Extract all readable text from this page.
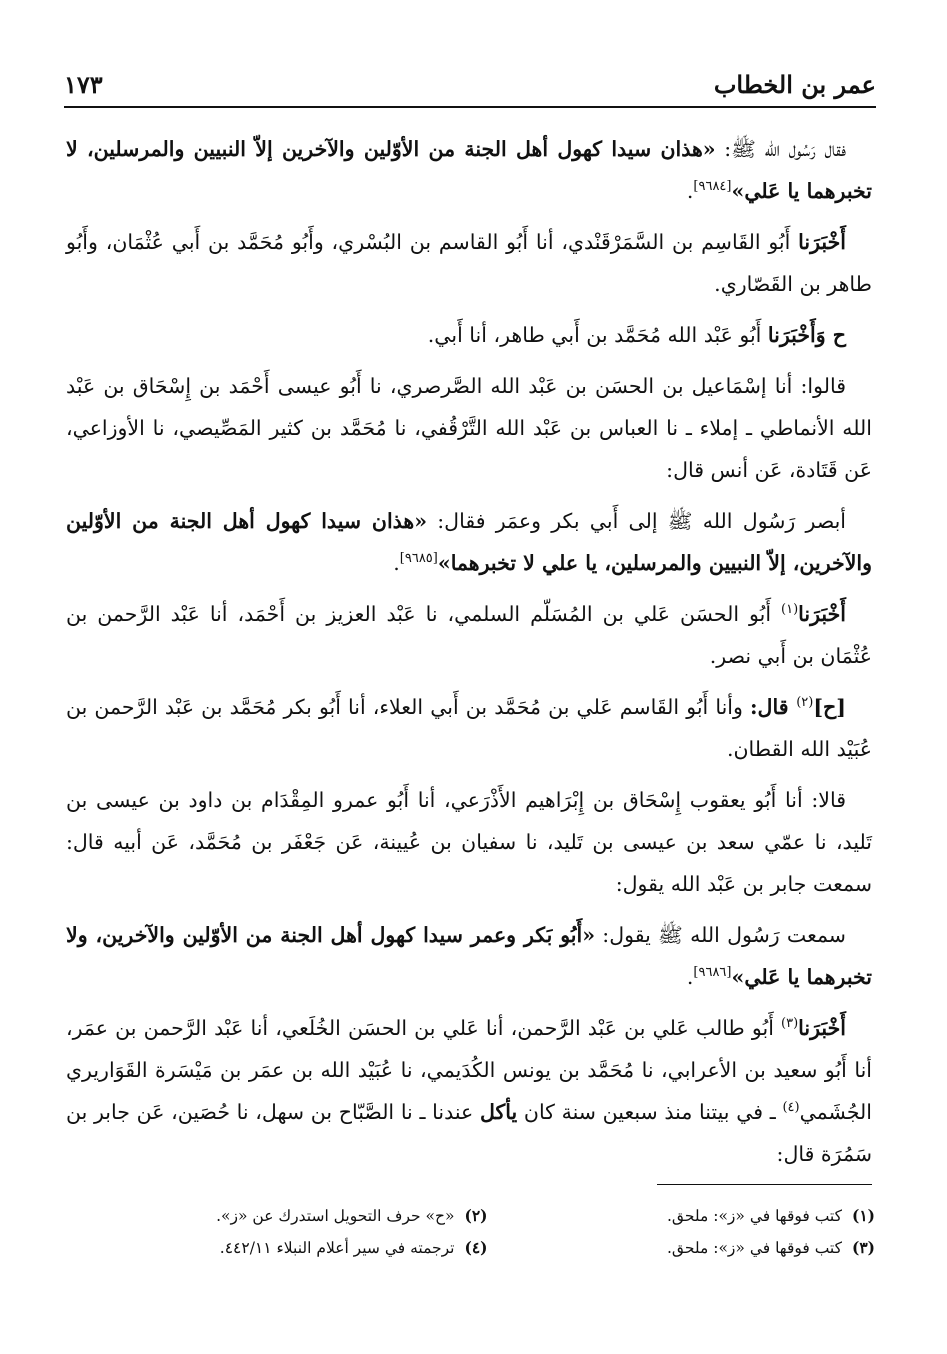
عمر بن الخطاب
١٧٣

فقال رَسُول الله ﷺ: «هذان سيدا كهول أهل الجنة من الأوّلين والآخرين إلاّ النبيين والمرسلين، لا تخبرهما يا عَلي»[٩٦٨٤].

أَخْبَرَنا أَبُو القَاسِم بن السَّمَرْقَنْدي، أنا أَبُو القاسم بن البُسْري، وأَبُو مُحَمَّد بن أَبي عُثْمَان، وأَبُو طاهر بن القَصّاري.

ح وَأَخْبَرَنا أَبُو عَبْد الله مُحَمَّد بن أَبي طاهر، أنا أَبي.

قالوا: أنا إسْمَاعيل بن الحسَن بن عَبْد الله الصَّرصري، نا أَبُو عيسى أَحْمَد بن إِسْحَاق بن عَبْد الله الأنماطي ـ إملاء ـ نا العباس بن عَبْد الله التَّرْقُفي، نا مُحَمَّد بن كثير المَصِّيصي، نا الأوزاعي، عَن قَتَادة، عَن أنس قال:

أبصر رَسُول الله ﷺ إلى أَبي بكر وعمَر فقال: «هذان سيدا كهول أهل الجنة من الأوّلين والآخرين، إلاّ النبيين والمرسلين، يا علي لا تخبرهما»[٩٦٨٥].

أَخْبَرَنا$^{(١)}$ أَبُو الحسَن عَلي بن المُسَلّم السلمي، نا عَبْد العزيز بن أَحْمَد، أنا عَبْد الرَّحمن بن عُثْمَان بن أَبي نصر.

[ح]$^{(٢)}$ قال: وأنا أَبُو القَاسم عَلي بن مُحَمَّد بن أَبي العلاء، أنا أَبُو بكر مُحَمَّد بن عَبْد الرَّحمن بن عُبَيْد الله القطان.

قالا: أنا أَبُو يعقوب إِسْحَاق بن إِبْرَاهيم الأَذْرَعي، أنا أَبُو عمرو المِقْدَام بن داود بن عيسى بن تَليد، نا عمّي سعد بن عيسى بن تَليد، نا سفيان بن عُيينة، عَن جَعْفَر بن مُحَمَّد، عَن أبيه قال: سمعت جابر بن عَبْد الله يقول:

سمعت رَسُول الله ﷺ يقول: «أَبُو بَكر وعمر سيدا كهول أهل الجنة من الأوّلين والآخرين، ولا تخبرهما يا عَلي»[٩٦٨٦].

أَخْبَرَنا$^{(٣)}$ أَبُو طالب عَلي بن عَبْد الرَّحمن، أنا عَلي بن الحسَن الخُلَعي، أنا عَبْد الرَّحمن بن عمَر، أنا أَبُو سعيد بن الأعرابي، نا مُحَمَّد بن يونس الكُدَيمي، نا عُبَيْد الله بن عمَر بن مَيْسَرة القَوَاريري الجُشَمي$^{(٤)}$ ـ في بيتنا منذ سبعين سنة كان يأكل عندنا ـ نا الصَّبّاح بن سهل، نا حُصَين، عَن جابر بن سَمُرَة قال:

(١)كتب فوقها في «ز»: ملحق.
(٢)«ح» حرف التحويل استدرك عن «ز».
(٣)كتب فوقها في «ز»: ملحق.
(٤)ترجمته في سير أعلام النبلاء ٤٤٢/١١.
